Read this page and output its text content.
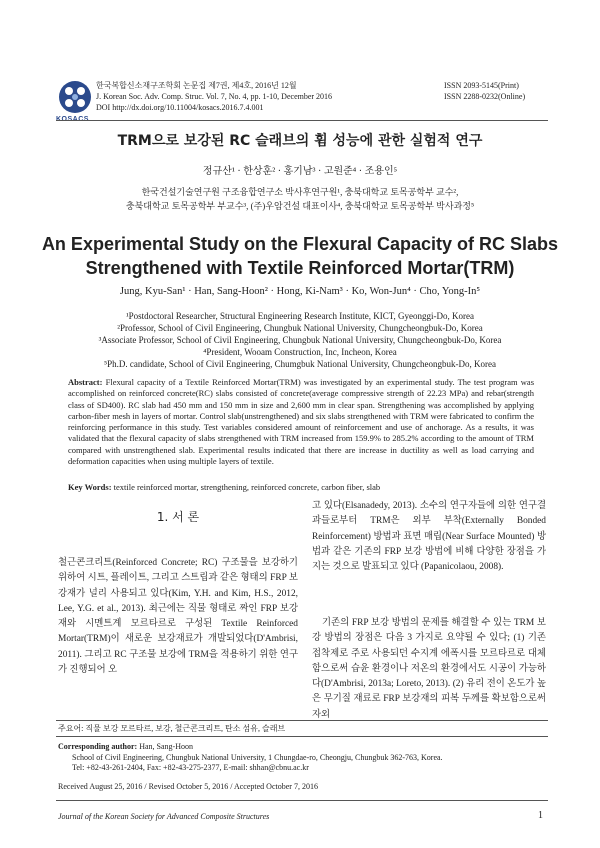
한국복합신소재구조학회 논문집 제7권, 제4호, 2016년 12월
J. Korean Soc. Adv. Comp. Struc. Vol. 7, No. 4, pp. 1-10, December 2016
DOI http://dx.doi.org/10.11004/kosacs.2016.7.4.001
ISSN 2093-5145(Print)
ISSN 2288-0232(Online)
TRM으로 보강된 RC 슬래브의 휨 성능에 관한 실험적 연구
정규산¹ · 한상훈² · 홍기남³ · 고원준⁴ · 조용인⁵
한국건설기술연구원 구조융합연구소 박사후연구원¹, 충북대학교 토목공학부 교수²,
충북대학교 토목공학부 부교수³, (주)우암건설 대표이사⁴, 충북대학교 토목공학부 박사과정⁵
An Experimental Study on the Flexural Capacity of RC Slabs
Strengthened with Textile Reinforced Mortar(TRM)
Jung, Kyu-San¹ · Han, Sang-Hoon² · Hong, Ki-Nam³ · Ko, Won-Jun⁴ · Cho, Yong-In⁵
¹Postdoctoral Researcher, Structural Engineering Research Institute, KICT, Gyeonggi-Do, Korea
²Professor, School of Civil Engineering, Chungbuk National University, Chungcheongbuk-Do, Korea
³Associate Professor, School of Civil Engineering, Chungbuk National University, Chungcheongbuk-Do, Korea
⁴President, Wooam Construction, Inc, Incheon, Korea
⁵Ph.D. candidate, School of Civil Engineering, Chumgbuk National University, Chungcheongbuk-Do, Korea
Abstract: Flexural capacity of a Textile Reinforced Mortar(TRM) was investigated by an experimental study. The test program was accomplished on reinforced concrete(RC) slabs consisted of concrete(average compressive strength of 22.23 MPa) and rebar(strength class of SD400). RC slab had 450 mm and 150 mm in size and 2,600 mm in clear span. Strengthening was accomplished by applying carbon-fiber mesh in layers of mortar. Control slab(unstrengthened) and six slabs strengthened with TRM were fabricated to confirm the reinforcing performance in this study. Test variables considered amount of reinforcement and use of anchorage. As a results, it was validated that the flexural capacity of slabs strengthened with TRM increased from 159.9% to 285.2% according to the amount of TRM compared with unstrengthened slab. Experimental results indicated that there are increase in ductility as well as load carrying and deformation capacities when using multiple layers of textile.
Key Words: textile reinforced mortar, strengthening, reinforced concrete, carbon fiber, slab
1. 서 론
철근콘크리트(Reinforced Concrete; RC) 구조물을 보강하기 위하여 시트, 플레이트, 그리고 스트립과 같은 형태의 FRP 보강재가 널리 사용되고 있다(Kim, Y.H. and Kim, H.S., 2012, Lee, Y.G. et al., 2013). 최근에는 직물 형태로 짜인 FRP 보강재와 시멘트계 모르타르로 구성된 Textile Reinforced Mortar(TRM)이 새로운 보강재료가 개발되었다(D'Ambrisi, 2011). 그리고 RC 구조물 보강에 TRM을 적용하기 위한 연구가 진행되어 오
고 있다(Elsanadedy, 2013). 소수의 연구자들에 의한 연구결과들로부터 TRM은 외부 부착(Externally Bonded Reinforcement) 방법과 표면 매립(Near Surface Mounted) 방법과 같은 기존의 FRP 보강 방법에 비해 다양한 장점을 가지는 것으로 발표되고 있다 (Papanicolaou, 2008).
기존의 FRP 보강 방법의 문제를 해결할 수 있는 TRM 보강 방법의 장점은 다음 3 가지로 요약될 수 있다; (1) 기존 접착제로 주로 사용되던 수지계 에폭시를 모르타르로 대체함으로써 습윤 환경이나 저온의 환경에서도 시공이 가능하다(D'Ambrisi, 2013a; Loreto, 2013). (2) 유리 전이 온도가 높은 무기질 재료로 FRP 보강재의 피복 두께를 확보함으로써 자외
주요어: 직물 보강 모르타르, 보강, 철근콘크리트, 탄소 섬유, 슬래브
Corresponding author: Han, Sang-Hoon
School of Civil Engineering, Chungbuk National University, 1 Chungdae-ro, Cheongju, Chungbuk 362-763, Korea.
Tel: +82-43-261-2404, Fax: +82-43-275-2377, E-mail: shhan@cbnu.ac.kr
Received August 25, 2016 / Revised October 5, 2016 / Accepted October 7, 2016
Journal of the Korean Society for Advanced Composite Structures	1
